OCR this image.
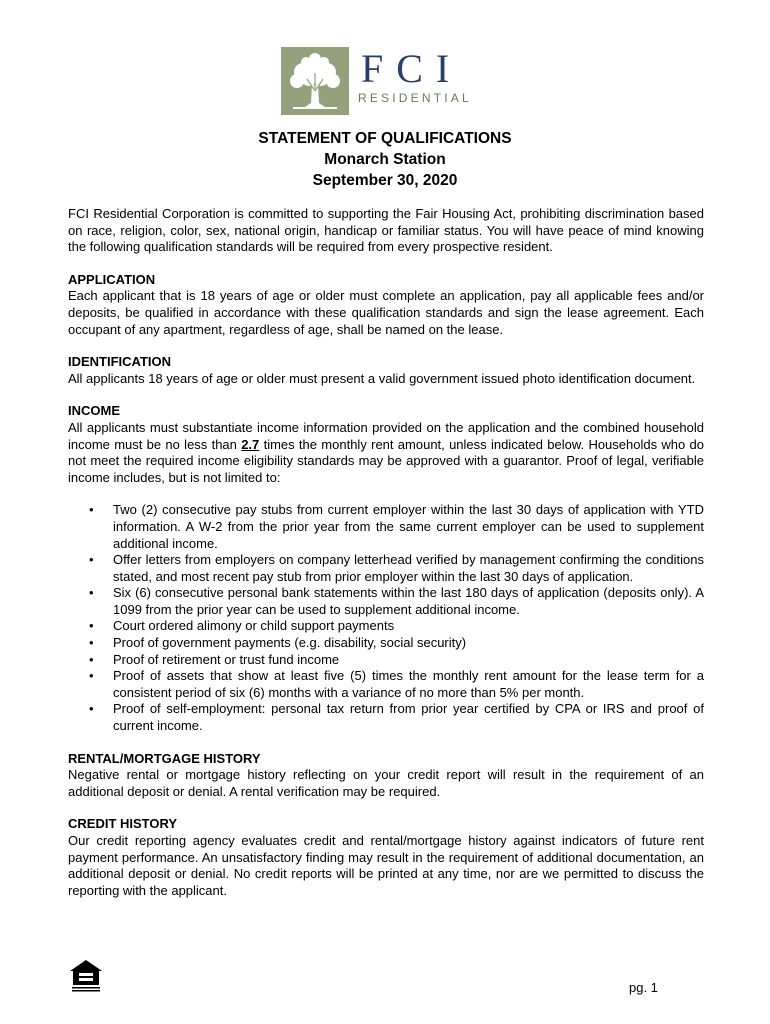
FCI
RESIDENTIAL
STATEMENT OF QUALIFICATIONS
Monarch Station
September 30, 2020

FCI Residential Corporation is committed to supporting the Fair Housing Act, prohibiting discrimination based on race, religion, color, sex, national origin, handicap or familiar status. You will have peace of mind knowing the following qualification standards will be required from every prospective resident.

APPLICATION

Each applicant that is 18 years of age or older must complete an application, pay all applicable fees and/or deposits, be qualified in accordance with these qualification standards and sign the lease agreement. Each occupant of any apartment, regardless of age, shall be named on the lease.

IDENTIFICATION

All applicants 18 years of age or older must present a valid government issued photo identification document.

INCOME

All applicants must substantiate income information provided on the application and the combined household income must be no less than 2.7 times the monthly rent amount, unless indicated below. Households who do not meet the required income eligibility standards may be approved with a guarantor. Proof of legal, verifiable income includes, but is not limited to:

• Two (2) consecutive pay stubs from current employer within the last 30 days of application with YTD information. A W-2 from the prior year from the same current employer can be used to supplement additional income.
• Offer letters from employers on company letterhead verified by management confirming the conditions stated, and most recent pay stub from prior employer within the last 30 days of application.
• Six (6) consecutive personal bank statements within the last 180 days of application (deposits only). A 1099 from the prior year can be used to supplement additional income.
• Court ordered alimony or child support payments
• Proof of government payments (e.g. disability, social security)
• Proof of retirement or trust fund income
• Proof of assets that show at least five (5) times the monthly rent amount for the lease term for a consistent period of six (6) months with a variance of no more than 5% per month.
• Proof of self-employment: personal tax return from prior year certified by CPA or IRS and proof of current income.
RENTAL/MORTGAGE HISTORY

Negative rental or mortgage history reflecting on your credit report will result in the requirement of an additional deposit or denial. A rental verification may be required.

CREDIT HISTORY

Our credit reporting agency evaluates credit and rental/mortgage history against indicators of future rent payment performance. An unsatisfactory finding may result in the requirement of additional documentation, an additional deposit or denial. No credit reports will be printed at any time, nor are we permitted to discuss the reporting with the applicant.

pg. 1
